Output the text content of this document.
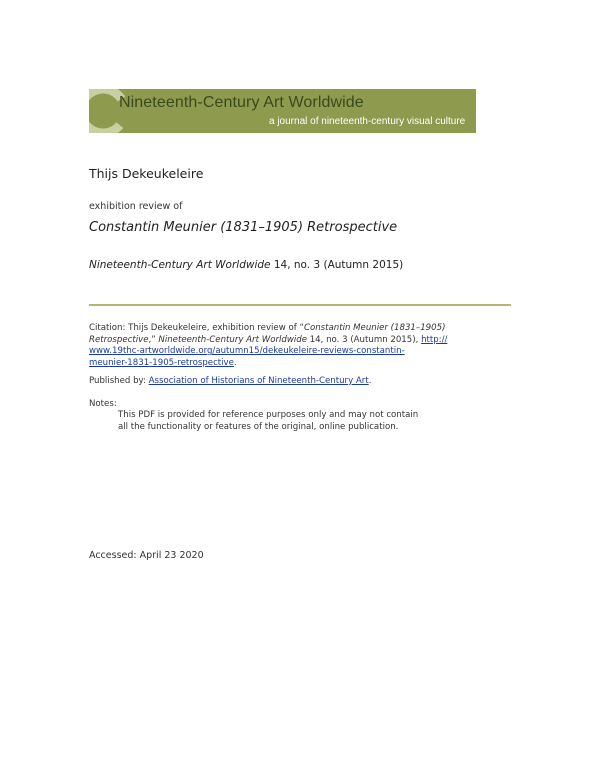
Nineteenth-Century Art Worldwide
a journal of nineteenth-century visual culture
Thijs Dekeukeleire
exhibition review of
Constantin Meunier (1831–1905) Retrospective
Nineteenth-Century Art Worldwide 14, no. 3 (Autumn 2015)
Citation: Thijs Dekeukeleire, exhibition review of “Constantin Meunier (1831–1905) Retrospective,” Nineteenth-Century Art Worldwide 14, no. 3 (Autumn 2015), http://
www.19thc-artworldwide.org/autumn15/dekeukeleire-reviews-constantin-
meunier-1831-1905-retrospective.
Published by: Association of Historians of Nineteenth-Century Art.
Notes:
This PDF is provided for reference purposes only and may not contain
all the functionality or features of the original, online publication.
Accessed: April 23 2020
